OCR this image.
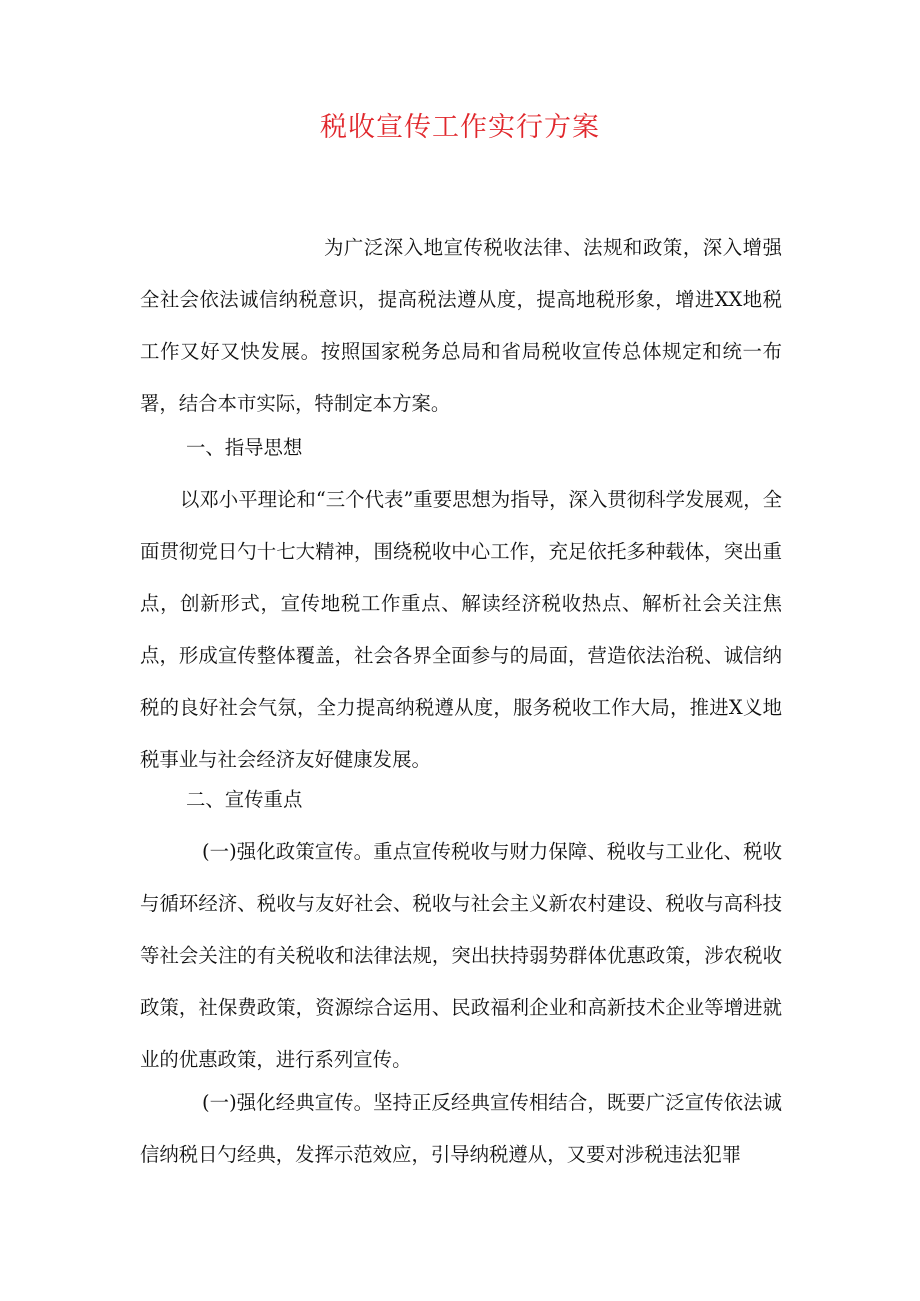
税收宣传工作实行方案
为广泛深入地宣传税收法律、法规和政策，深入增强全社会依法诚信纳税意识，提高税法遵从度，提高地税形象，增进XX地税工作又好又快发展。按照国家税务总局和省局税收宣传总体规定和统一布署，结合本市实际，特制定本方案。
一、指导思想
以邓小平理论和“三个代表”重要思想为指导，深入贯彻科学发展观，全面贯彻党日勺十七大精神，围绕税收中心工作，充足依托多种载体，突出重点，创新形式，宣传地税工作重点、解读经济税收热点、解析社会关注焦点，形成宣传整体覆盖，社会各界全面参与的局面，营造依法治税、诚信纳税的良好社会气氛，全力提高纳税遵从度，服务税收工作大局，推进X义地税事业与社会经济友好健康发展。
二、宣传重点
(一)强化政策宣传。重点宣传税收与财力保障、税收与工业化、税收与循环经济、税收与友好社会、税收与社会主义新农村建设、税收与高科技等社会关注的有关税收和法律法规，突出扶持弱势群体优惠政策，涉农税收政策，社保费政策，资源综合运用、民政福利企业和高新技术企业等增进就业的优惠政策，进行系列宣传。
(一)强化经典宣传。坚持正反经典宣传相结合，既要广泛宣传依法诚信纳税日勺经典，发挥示范效应，引导纳税遵从，又要对涉税违法犯罪
